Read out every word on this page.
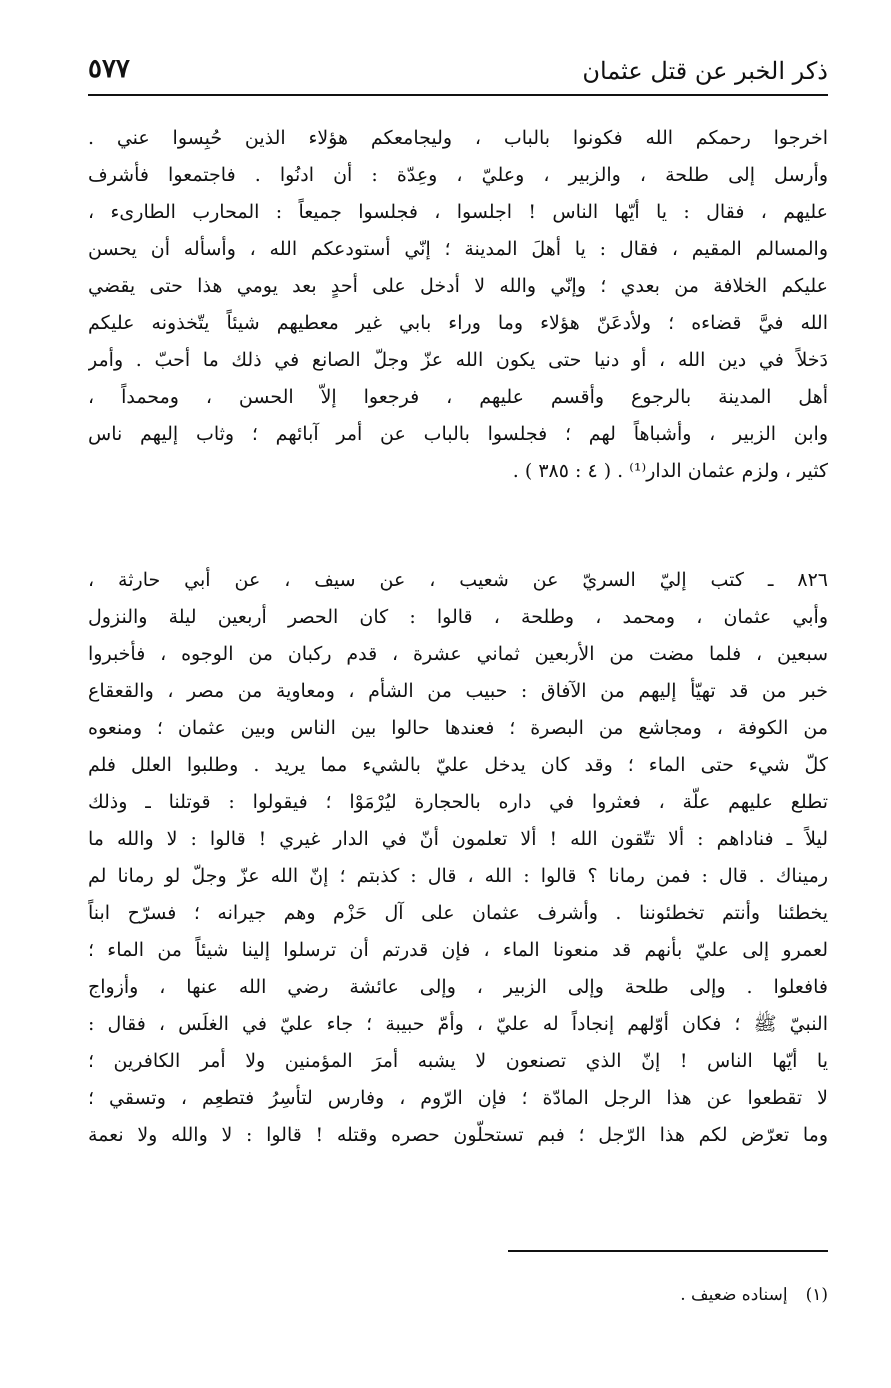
ذكر الخبر عن قتل عثمان
٥٧٧
اخرجوا رحمكم الله فكونوا بالباب ، وليجامعكم هؤلاء الذين حُبِسوا عني .
وأرسل إلى طلحة ، والزبير ، وعليّ ، وعِدّة : أن ادنُوا . فاجتمعوا فأشرف
عليهم ، فقال : يا أيّها الناس ! اجلسوا ، فجلسوا جميعاً : المحارب الطارىء ،
والمسالم المقيم ، فقال : يا أهلَ المدينة ؛ إنّي أستودعكم الله ، وأسأله أن يحسن
عليكم الخلافة من بعدي ؛ وإنّي والله لا أدخل على أحدٍ بعد يومي هذا حتى يقضي
الله فيَّ قضاءه ؛ ولأدعَنّ هؤلاء وما وراء بابي غير معطيهم شيئاً يتّخذونه عليكم
دَخلاً في دين الله ، أو دنيا حتى يكون الله عزّ وجلّ الصانع في ذلك ما أحبّ . وأمر
أهل المدينة بالرجوع وأقسم عليهم ، فرجعوا إلاّ الحسن ، ومحمداً ،
وابن الزبير ، وأشباهاً لهم ؛ فجلسوا بالباب عن أمر آبائهم ؛ وثاب إليهم ناس
كثير ، ولزم عثمان الدار⁽¹⁾ . ( ٤ : ٣٨٥ ) .
٨٢٦ ـ كتب إليّ السريّ عن شعيب ، عن سيف ، عن أبي حارثة ،
وأبي عثمان ، ومحمد ، وطلحة ، قالوا : كان الحصر أربعين ليلة والنزول
سبعين ، فلما مضت من الأربعين ثماني عشرة ، قدم ركبان من الوجوه ، فأخبروا
خبر من قد تهيّأ إليهم من الآفاق : حبيب من الشأم ، ومعاوية من مصر ، والقعقاع
من الكوفة ، ومجاشع من البصرة ؛ فعندها حالوا بين الناس وبين عثمان ؛ ومنعوه
كلّ شيء حتى الماء ؛ وقد كان يدخل عليّ بالشيء مما يريد . وطلبوا العلل فلم
تطلع عليهم علّة ، فعثروا في داره بالحجارة ليُرْمَوْا ؛ فيقولوا : قوتلنا ـ وذلك
ليلاً ـ فناداهم : ألا تتّقون الله ! ألا تعلمون أنّ في الدار غيري ! قالوا : لا والله ما
رميناك . قال : فمن رمانا ؟ قالوا : الله ، قال : كذبتم ؛ إنّ الله عزّ وجلّ لو رمانا لم
يخطئنا وأنتم تخطئوننا . وأشرف عثمان على آل حَزْم وهم جيرانه ؛ فسرّح ابناً
لعمرو إلى عليّ بأنهم قد منعونا الماء ، فإن قدرتم أن ترسلوا إلينا شيئاً من الماء ؛
فافعلوا . وإلى طلحة وإلى الزبير ، وإلى عائشة رضي الله عنها ، وأزواج
النبيّ ﷺ ؛ فكان أوّلهم إنجاداً له عليّ ، وأمّ حبيبة ؛ جاء عليّ في الغلَس ، فقال :
يا أيّها الناس ! إنّ الذي تصنعون لا يشبه أمرَ المؤمنين ولا أمر الكافرين ؛
لا تقطعوا عن هذا الرجل المادّة ؛ فإن الرّوم ، وفارس لتأسِرُ فتطعِم ، وتسقي ؛
وما تعرّض لكم هذا الرّجل ؛ فبم تستحلّون حصره وقتله ! قالوا : لا والله ولا نعمة
(١)إسناده ضعيف .
